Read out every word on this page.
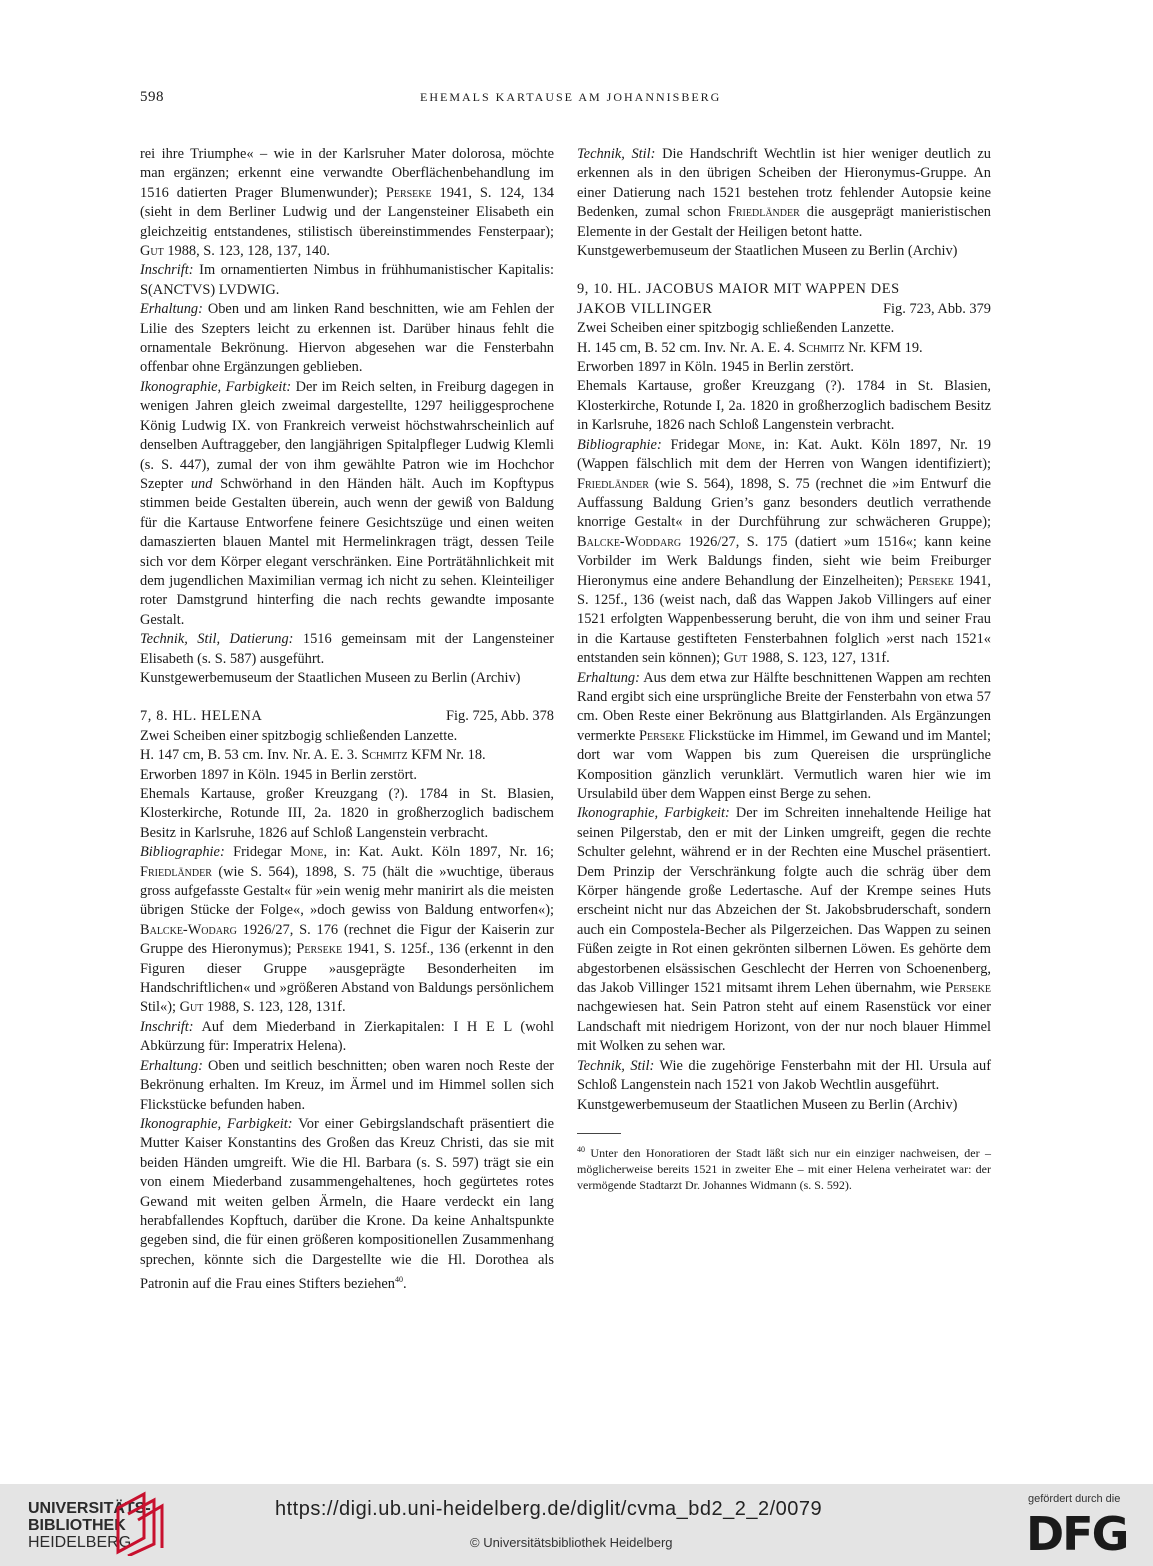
598	EHEMALS KARTAUSE AM JOHANNISBERG

rei ihre Triumphe« – wie in der Karlsruher Mater dolorosa, möchte man ergänzen; erkennt eine verwandte Oberflächenbehandlung im 1516 datierten Prager Blumenwunder); Perseke 1941, S. 124, 134 (sieht in dem Berliner Ludwig und der Langensteiner Elisabeth ein gleichzeitig entstandenes, stilistisch übereinstimmendes Fensterpaar); Gut 1988, S. 123, 128, 137, 140.

Inschrift: Im ornamentierten Nimbus in frühhumanistischer Kapitalis: S(ANCTVS) LVDWIG.

Erhaltung: Oben und am linken Rand beschnitten, wie am Fehlen der Lilie des Szepters leicht zu erkennen ist. Darüber hinaus fehlt die ornamentale Bekrönung. Hiervon abgesehen war die Fensterbahn offenbar ohne Ergänzungen geblieben.

Ikonographie, Farbigkeit: Der im Reich selten, in Freiburg dagegen in wenigen Jahren gleich zweimal dargestellte, 1297 heiliggesprochene König Ludwig IX. von Frankreich verweist höchstwahrscheinlich auf denselben Auftraggeber, den langjährigen Spitalpfleger Ludwig Klemli (s. S. 447), zumal der von ihm gewählte Patron wie im Hochchor Szepter und Schwörhand in den Händen hält. Auch im Kopftypus stimmen beide Gestalten überein, auch wenn der gewiß von Baldung für die Kartause Entworfene feinere Gesichtszüge und einen weiten damaszierten blauen Mantel mit Hermelinkragen trägt, dessen Teile sich vor dem Körper elegant verschränken. Eine Porträtähnlichkeit mit dem jugendlichen Maximilian vermag ich nicht zu sehen. Kleinteiliger roter Damstgrund hinterfing die nach rechts gewandte imposante Gestalt.

Technik, Stil, Datierung: 1516 gemeinsam mit der Langensteiner Elisabeth (s. S. 587) ausgeführt.

Kunstgewerbemuseum der Staatlichen Museen zu Berlin (Archiv)

7, 8. HL. HELENA	Fig. 725, Abb. 378

Zwei Scheiben einer spitzbogig schließenden Lanzette.

H. 147 cm, B. 53 cm. Inv. Nr. A. E. 3. Schmitz KFM Nr. 18.

Erworben 1897 in Köln. 1945 in Berlin zerstört.

Ehemals Kartause, großer Kreuzgang (?). 1784 in St. Blasien, Klosterkirche, Rotunde III, 2a. 1820 in großherzoglich badischem Besitz in Karlsruhe, 1826 auf Schloß Langenstein verbracht.

Bibliographie: Fridegar Mone, in: Kat. Aukt. Köln 1897, Nr. 16; Friedländer (wie S. 564), 1898, S. 75 (hält die »wuchtige, überaus gross aufgefasste Gestalt« für »ein wenig mehr manirirt als die meisten übrigen Stücke der Folge«, »doch gewiss von Baldung entworfen«); Balcke-Wodarg 1926/27, S. 176 (rechnet die Figur der Kaiserin zur Gruppe des Hieronymus); Perseke 1941, S. 125f., 136 (erkennt in den Figuren dieser Gruppe »ausgeprägte Besonderheiten im Handschriftlichen« und »größeren Abstand von Baldungs persönlichem Stil«); Gut 1988, S. 123, 128, 131f.

Inschrift: Auf dem Miederband in Zierkapitalen: I H E L (wohl Abkürzung für: Imperatrix Helena).

Erhaltung: Oben und seitlich beschnitten; oben waren noch Reste der Bekrönung erhalten. Im Kreuz, im Ärmel und im Himmel sollen sich Flickstücke befunden haben.

Ikonographie, Farbigkeit: Vor einer Gebirgslandschaft präsentiert die Mutter Kaiser Konstantins des Großen das Kreuz Christi, das sie mit beiden Händen umgreift. Wie die Hl. Barbara (s. S. 597) trägt sie ein von einem Miederband zusammengehaltenes, hoch gegürtetes rotes Gewand mit weiten gelben Ärmeln, die Haare verdeckt ein lang herabfallendes Kopftuch, darüber die Krone. Da keine Anhaltspunkte gegeben sind, die für einen größeren kompositionellen Zusammenhang sprechen, könnte sich die Dargestellte wie die Hl. Dorothea als Patronin auf die Frau eines Stifters beziehen$^{40}$.

Technik, Stil: Die Handschrift Wechtlin ist hier weniger deutlich zu erkennen als in den übrigen Scheiben der Hieronymus-Gruppe. An einer Datierung nach 1521 bestehen trotz fehlender Autopsie keine Bedenken, zumal schon Friedländer die ausgeprägt manieristischen Elemente in der Gestalt der Heiligen betont hatte.

Kunstgewerbemuseum der Staatlichen Museen zu Berlin (Archiv)

9, 10. HL. JACOBUS MAIOR MIT WAPPEN DES
JAKOB VILLINGER	Fig. 723, Abb. 379

Zwei Scheiben einer spitzbogig schließenden Lanzette.

H. 145 cm, B. 52 cm. Inv. Nr. A. E. 4. Schmitz Nr. KFM 19.

Erworben 1897 in Köln. 1945 in Berlin zerstört.

Ehemals Kartause, großer Kreuzgang (?). 1784 in St. Blasien, Klosterkirche, Rotunde I, 2a. 1820 in großherzoglich badischem Besitz in Karlsruhe, 1826 nach Schloß Langenstein verbracht.

Bibliographie: Fridegar Mone, in: Kat. Aukt. Köln 1897, Nr. 19 (Wappen fälschlich mit dem der Herren von Wangen identifiziert); Friedländer (wie S. 564), 1898, S. 75 (rechnet die »im Entwurf die Auffassung Baldung Grien’s ganz besonders deutlich verrathende knorrige Gestalt« in der Durchführung zur schwächeren Gruppe); Balcke-Woddarg 1926/27, S. 175 (datiert »um 1516«; kann keine Vorbilder im Werk Baldungs finden, sieht wie beim Freiburger Hieronymus eine andere Behandlung der Einzelheiten); Perseke 1941, S. 125f., 136 (weist nach, daß das Wappen Jakob Villingers auf einer 1521 erfolgten Wappenbesserung beruht, die von ihm und seiner Frau in die Kartause gestifteten Fensterbahnen folglich »erst nach 1521« entstanden sein können); Gut 1988, S. 123, 127, 131f.

Erhaltung: Aus dem etwa zur Hälfte beschnittenen Wappen am rechten Rand ergibt sich eine ursprüngliche Breite der Fensterbahn von etwa 57 cm. Oben Reste einer Bekrönung aus Blattgirlanden. Als Ergänzungen vermerkte Perseke Flickstücke im Himmel, im Gewand und im Mantel; dort war vom Wappen bis zum Quereisen die ursprüngliche Komposition gänzlich verunklärt. Vermutlich waren hier wie im Ursulabild über dem Wappen einst Berge zu sehen.

Ikonographie, Farbigkeit: Der im Schreiten innehaltende Heilige hat seinen Pilgerstab, den er mit der Linken umgreift, gegen die rechte Schulter gelehnt, während er in der Rechten eine Muschel präsentiert. Dem Prinzip der Verschränkung folgte auch die schräg über dem Körper hängende große Ledertasche. Auf der Krempe seines Huts erscheint nicht nur das Abzeichen der St. Jakobsbruderschaft, sondern auch ein Compostela-Becher als Pilgerzeichen. Das Wappen zu seinen Füßen zeigte in Rot einen gekrönten silbernen Löwen. Es gehörte dem abgestorbenen elsässischen Geschlecht der Herren von Schoenenberg, das Jakob Villinger 1521 mitsamt ihrem Lehen übernahm, wie Perseke nachgewiesen hat. Sein Patron steht auf einem Rasenstück vor einer Landschaft mit niedrigem Horizont, von der nur noch blauer Himmel mit Wolken zu sehen war.

Technik, Stil: Wie die zugehörige Fensterbahn mit der Hl. Ursula auf Schloß Langenstein nach 1521 von Jakob Wechtlin ausgeführt.

Kunstgewerbemuseum der Staatlichen Museen zu Berlin (Archiv)

$^{40}$ Unter den Honoratioren der Stadt läßt sich nur ein einziger nachweisen, der – möglicherweise bereits 1521 in zweiter Ehe – mit einer Helena verheiratet war: der vermögende Stadtarzt Dr. Johannes Widmann (s. S. 592).

UNIVERSITÄTS-
BIBLIOTHEK
HEIDELBERG
https://digi.ub.uni-heidelberg.de/diglit/cvma_bd2_2_2/0079
© Universitätsbibliothek Heidelberg
gefördert durch die
DFG
